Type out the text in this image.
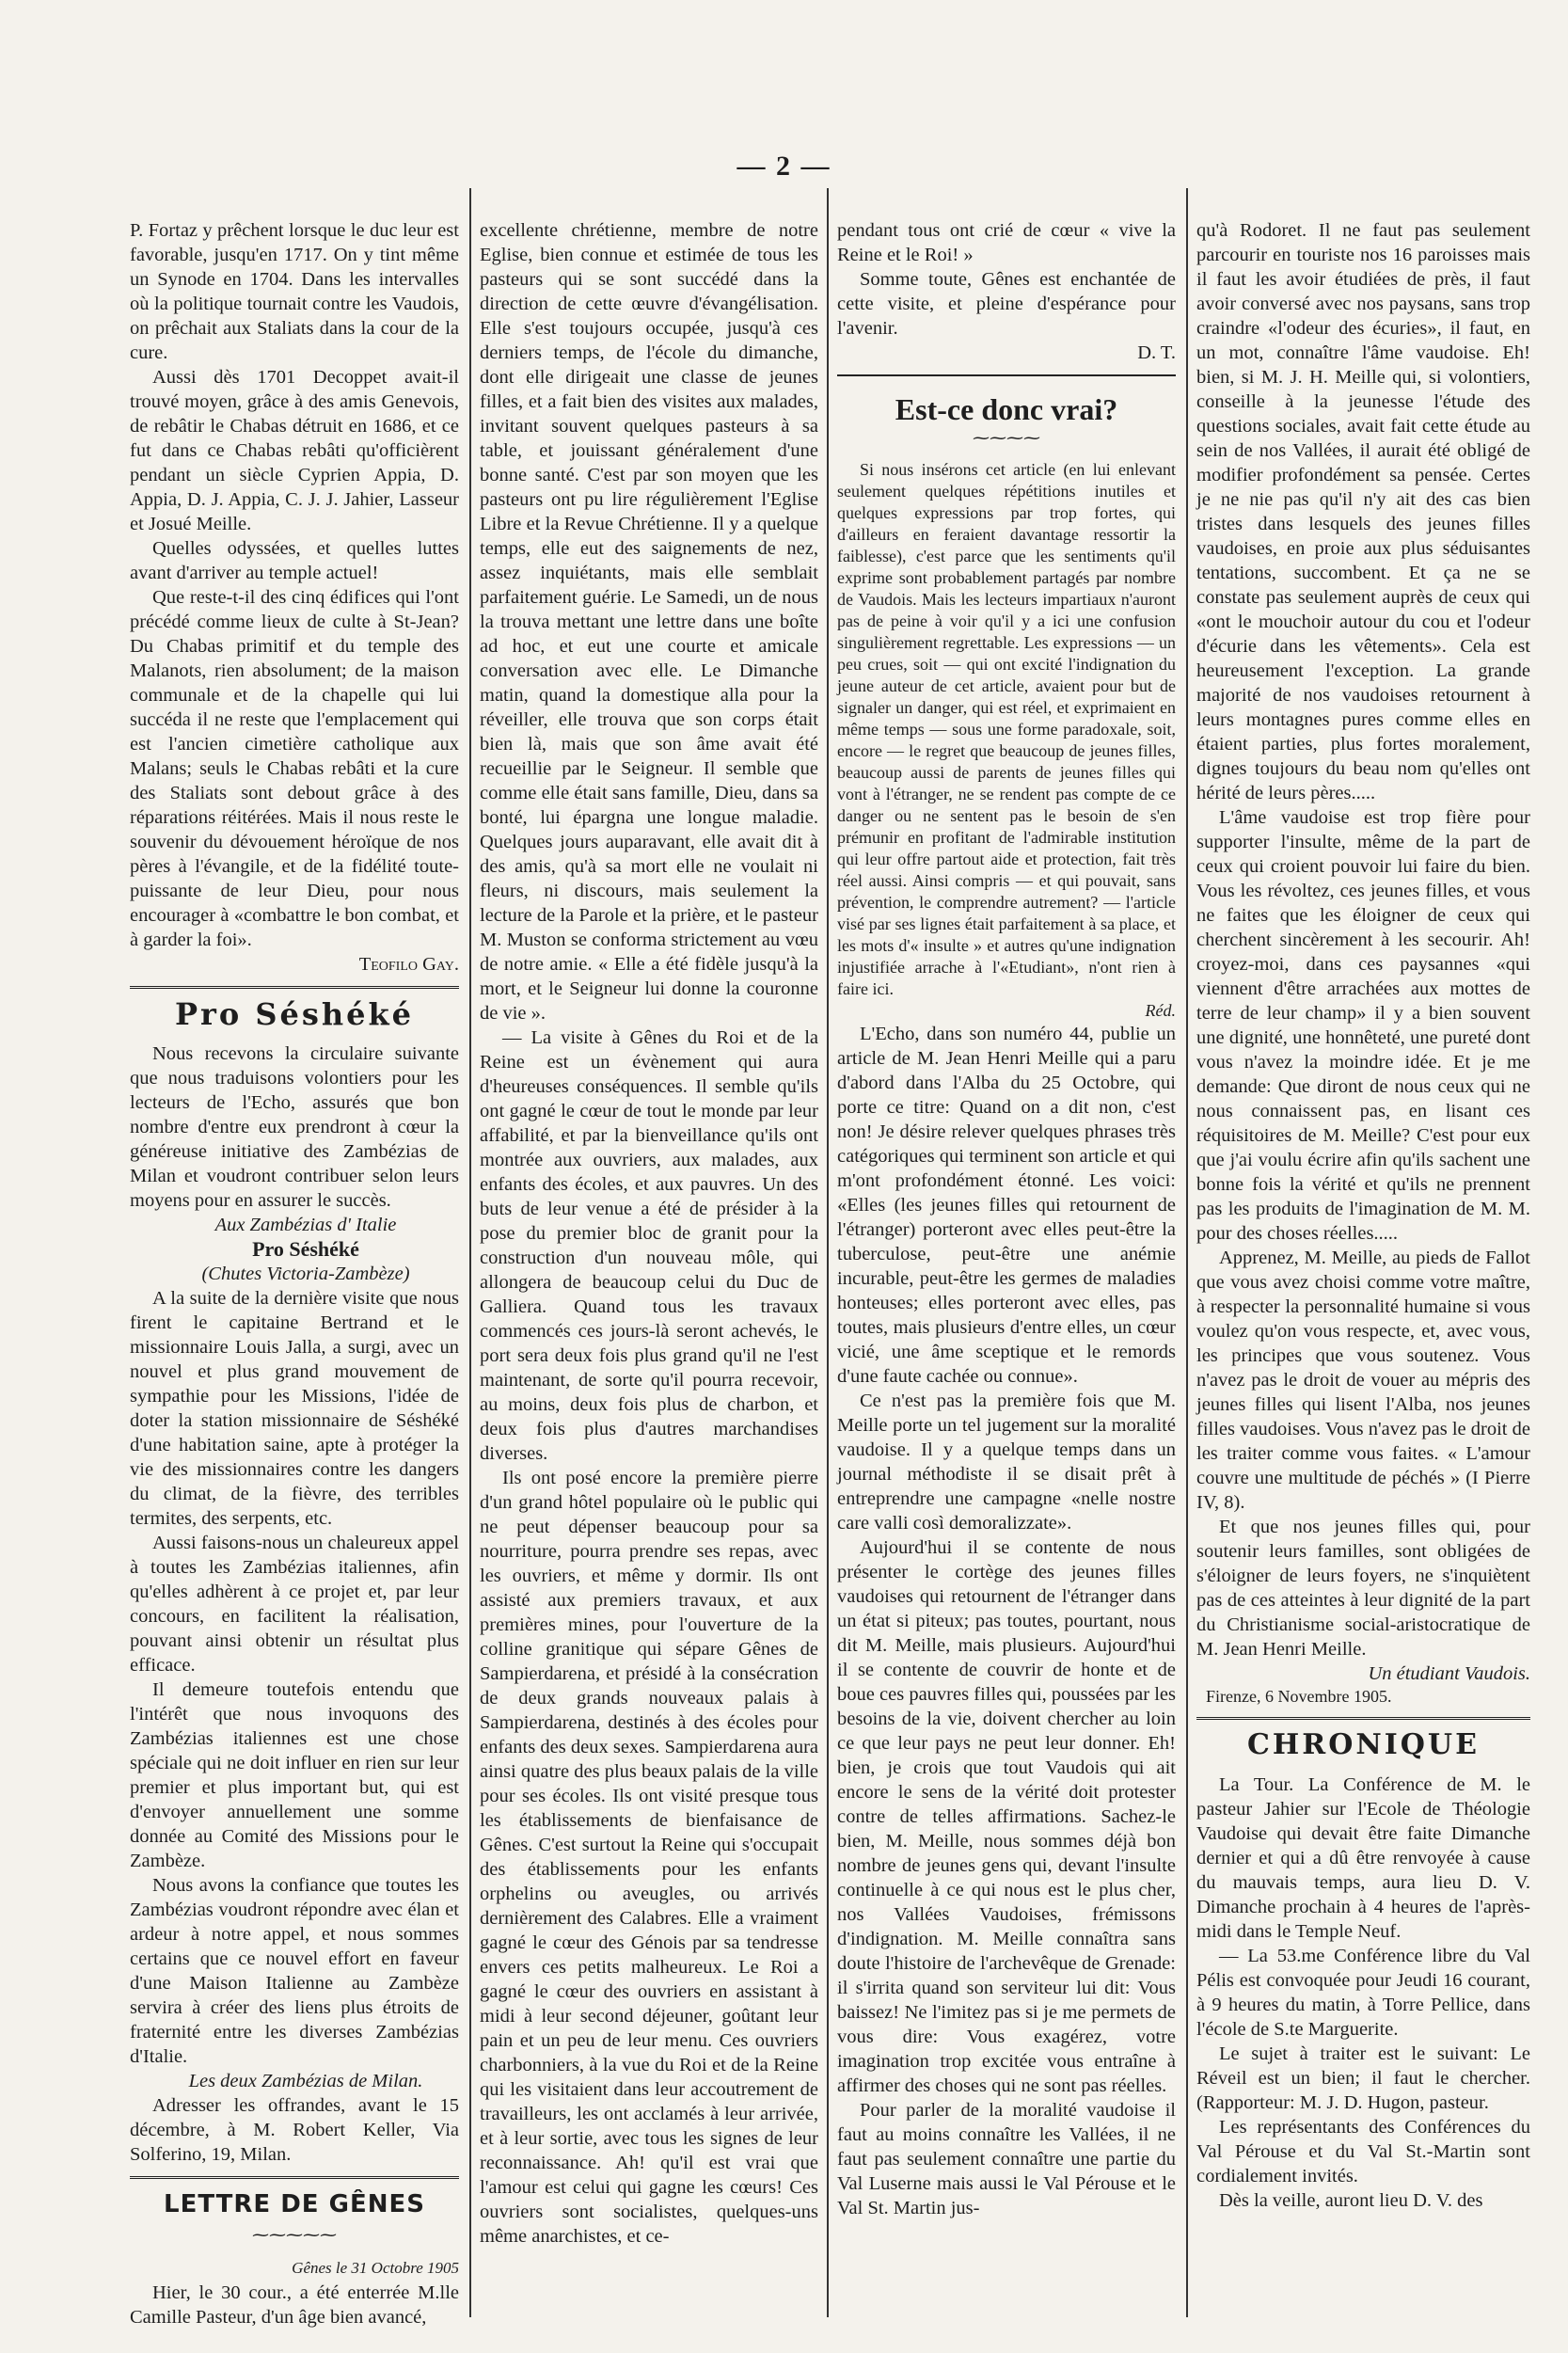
— 2 —

P. Fortaz y prêchent lorsque le duc leur est favorable, jusqu'en 1717. On y tint même un Synode en 1704. Dans les intervalles où la politique tournait contre les Vaudois, on prêchait aux Staliats dans la cour de la cure.

Aussi dès 1701 Decoppet avait-il trouvé moyen, grâce à des amis Genevois, de rebâtir le Chabas détruit en 1686, et ce fut dans ce Chabas rebâti qu'officièrent pendant un siècle Cyprien Appia, D. Appia, D. J. Appia, C. J. J. Jahier, Lasseur et Josué Meille.

Quelles odyssées, et quelles luttes avant d'arriver au temple actuel!

Que reste-t-il des cinq édifices qui l'ont précédé comme lieux de culte à St-Jean? Du Chabas primitif et du temple des Malanots, rien absolument; de la maison communale et de la chapelle qui lui succéda il ne reste que l'emplacement qui est l'ancien cimetière catholique aux Malans; seuls le Chabas rebâti et la cure des Staliats sont debout grâce à des réparations réitérées. Mais il nous reste le souvenir du dévouement héroïque de nos pères à l'évangile, et de la fidélité toute-puissante de leur Dieu, pour nous encourager à «combattre le bon combat, et à garder la foi».

Teofilo Gay.

Pro Séshéké

Nous recevons la circulaire suivante que nous traduisons volontiers pour les lecteurs de l'Echo, assurés que bon nombre d'entre eux prendront à cœur la généreuse initiative des Zambézias de Milan et voudront contribuer selon leurs moyens pour en assurer le succès.

Aux Zambézias d' Italie

Pro Séshéké

(Chutes Victoria-Zambèze)

A la suite de la dernière visite que nous firent le capitaine Bertrand et le missionnaire Louis Jalla, a surgi, avec un nouvel et plus grand mouvement de sympathie pour les Missions, l'idée de doter la station missionnaire de Séshéké d'une habitation saine, apte à protéger la vie des missionnaires contre les dangers du climat, de la fièvre, des terribles termites, des serpents, etc.

Aussi faisons-nous un chaleureux appel à toutes les Zambézias italiennes, afin qu'elles adhèrent à ce projet et, par leur concours, en facilitent la réalisation, pouvant ainsi obtenir un résultat plus efficace.

Il demeure toutefois entendu que l'intérêt que nous invoquons des Zambézias italiennes est une chose spéciale qui ne doit influer en rien sur leur premier et plus important but, qui est d'envoyer annuellement une somme donnée au Comité des Missions pour le Zambèze.

Nous avons la confiance que toutes les Zambézias voudront répondre avec élan et ardeur à notre appel, et nous sommes certains que ce nouvel effort en faveur d'une Maison Italienne au Zambèze servira à créer des liens plus étroits de fraternité entre les diverses Zambézias d'Italie.

Les deux Zambézias de Milan.

Adresser les offrandes, avant le 15 décembre, à M. Robert Keller, Via Solferino, 19, Milan.

LETTRE DE GÊNES
⁓⁓⁓⁓⁓

Gênes le 31 Octobre 1905

Hier, le 30 cour., a été enterrée M.lle Camille Pasteur, d'un âge bien avancé,

excellente chrétienne, membre de notre Eglise, bien connue et estimée de tous les pasteurs qui se sont succédé dans la direction de cette œuvre d'évangélisation. Elle s'est toujours occupée, jusqu'à ces derniers temps, de l'école du dimanche, dont elle dirigeait une classe de jeunes filles, et a fait bien des visites aux malades, invitant souvent quelques pasteurs à sa table, et jouissant généralement d'une bonne santé. C'est par son moyen que les pasteurs ont pu lire régulièrement l'Eglise Libre et la Revue Chrétienne. Il y a quelque temps, elle eut des saignements de nez, assez inquiétants, mais elle semblait parfaitement guérie. Le Samedi, un de nous la trouva mettant une lettre dans une boîte ad hoc, et eut une courte et amicale conversation avec elle. Le Dimanche matin, quand la domestique alla pour la réveiller, elle trouva que son corps était bien là, mais que son âme avait été recueillie par le Seigneur. Il semble que comme elle était sans famille, Dieu, dans sa bonté, lui épargna une longue maladie. Quelques jours auparavant, elle avait dit à des amis, qu'à sa mort elle ne voulait ni fleurs, ni discours, mais seulement la lecture de la Parole et la prière, et le pasteur M. Muston se conforma strictement au vœu de notre amie. « Elle a été fidèle jusqu'à la mort, et le Seigneur lui donne la couronne de vie ».

— La visite à Gênes du Roi et de la Reine est un évènement qui aura d'heureuses conséquences. Il semble qu'ils ont gagné le cœur de tout le monde par leur affabilité, et par la bienveillance qu'ils ont montrée aux ouvriers, aux malades, aux enfants des écoles, et aux pauvres. Un des buts de leur venue a été de présider à la pose du premier bloc de granit pour la construction d'un nouveau môle, qui allongera de beaucoup celui du Duc de Galliera. Quand tous les travaux commencés ces jours-là seront achevés, le port sera deux fois plus grand qu'il ne l'est maintenant, de sorte qu'il pourra recevoir, au moins, deux fois plus de charbon, et deux fois plus d'autres marchandises diverses.

Ils ont posé encore la première pierre d'un grand hôtel populaire où le public qui ne peut dépenser beaucoup pour sa nourriture, pourra prendre ses repas, avec les ouvriers, et même y dormir. Ils ont assisté aux premiers travaux, et aux premières mines, pour l'ouverture de la colline granitique qui sépare Gênes de Sampierdarena, et présidé à la consécration de deux grands nouveaux palais à Sampierdarena, destinés à des écoles pour enfants des deux sexes. Sampierdarena aura ainsi quatre des plus beaux palais de la ville pour ses écoles. Ils ont visité presque tous les établissements de bienfaisance de Gênes. C'est surtout la Reine qui s'occupait des établissements pour les enfants orphelins ou aveugles, ou arrivés dernièrement des Calabres. Elle a vraiment gagné le cœur des Génois par sa tendresse envers ces petits malheureux. Le Roi a gagné le cœur des ouvriers en assistant à midi à leur second déjeuner, goûtant leur pain et un peu de leur menu. Ces ouvriers charbonniers, à la vue du Roi et de la Reine qui les visitaient dans leur accoutrement de travailleurs, les ont acclamés à leur arrivée, et à leur sortie, avec tous les signes de leur reconnaissance. Ah! qu'il est vrai que l'amour est celui qui gagne les cœurs! Ces ouvriers sont socialistes, quelques-uns même anarchistes, et ce-

pendant tous ont crié de cœur « vive la Reine et le Roi! »

Somme toute, Gênes est enchantée de cette visite, et pleine d'espérance pour l'avenir.

D. T.

Est-ce donc vrai?
⁓⁓⁓⁓

Si nous insérons cet article (en lui enlevant seulement quelques répétitions inutiles et quelques expressions par trop fortes, qui d'ailleurs en feraient davantage ressortir la faiblesse), c'est parce que les sentiments qu'il exprime sont probablement partagés par nombre de Vaudois. Mais les lecteurs impartiaux n'auront pas de peine à voir qu'il y a ici une confusion singulièrement regrettable. Les expressions — un peu crues, soit — qui ont excité l'indignation du jeune auteur de cet article, avaient pour but de signaler un danger, qui est réel, et exprimaient en même temps — sous une forme paradoxale, soit, encore — le regret que beaucoup de jeunes filles, beaucoup aussi de parents de jeunes filles qui vont à l'étranger, ne se rendent pas compte de ce danger ou ne sentent pas le besoin de s'en prémunir en profitant de l'admirable institution qui leur offre partout aide et protection, fait très réel aussi. Ainsi compris — et qui pouvait, sans prévention, le comprendre autrement? — l'article visé par ses lignes était parfaitement à sa place, et les mots d'« insulte » et autres qu'une indignation injustifiée arrache à l'«Etudiant», n'ont rien à faire ici.

Réd.

L'Echo, dans son numéro 44, publie un article de M. Jean Henri Meille qui a paru d'abord dans l'Alba du 25 Octobre, qui porte ce titre: Quand on a dit non, c'est non! Je désire relever quelques phrases très catégoriques qui terminent son article et qui m'ont profondément étonné. Les voici: «Elles (les jeunes filles qui retournent de l'étranger) porteront avec elles peut-être la tuberculose, peut-être une anémie incurable, peut-être les germes de maladies honteuses; elles porteront avec elles, pas toutes, mais plusieurs d'entre elles, un cœur vicié, une âme sceptique et le remords d'une faute cachée ou connue».

Ce n'est pas la première fois que M. Meille porte un tel jugement sur la moralité vaudoise. Il y a quelque temps dans un journal méthodiste il se disait prêt à entreprendre une campagne «nelle nostre care valli così demoralizzate».

Aujourd'hui il se contente de nous présenter le cortège des jeunes filles vaudoises qui retournent de l'étranger dans un état si piteux; pas toutes, pourtant, nous dit M. Meille, mais plusieurs. Aujourd'hui il se contente de couvrir de honte et de boue ces pauvres filles qui, poussées par les besoins de la vie, doivent chercher au loin ce que leur pays ne peut leur donner. Eh! bien, je crois que tout Vaudois qui ait encore le sens de la vérité doit protester contre de telles affirmations. Sachez-le bien, M. Meille, nous sommes déjà bon nombre de jeunes gens qui, devant l'insulte continuelle à ce qui nous est le plus cher, nos Vallées Vaudoises, frémissons d'indignation. M. Meille connaîtra sans doute l'histoire de l'archevêque de Grenade: il s'irrita quand son serviteur lui dit: Vous baissez! Ne l'imitez pas si je me permets de vous dire: Vous exagérez, votre imagination trop excitée vous entraîne à affirmer des choses qui ne sont pas réelles.

Pour parler de la moralité vaudoise il faut au moins connaître les Vallées, il ne faut pas seulement connaître une partie du Val Luserne mais aussi le Val Pérouse et le Val St. Martin jus-

qu'à Rodoret. Il ne faut pas seulement parcourir en touriste nos 16 paroisses mais il faut les avoir étudiées de près, il faut avoir conversé avec nos paysans, sans trop craindre «l'odeur des écuries», il faut, en un mot, connaître l'âme vaudoise. Eh! bien, si M. J. H. Meille qui, si volontiers, conseille à la jeunesse l'étude des questions sociales, avait fait cette étude au sein de nos Vallées, il aurait été obligé de modifier profondément sa pensée. Certes je ne nie pas qu'il n'y ait des cas bien tristes dans lesquels des jeunes filles vaudoises, en proie aux plus séduisantes tentations, succombent. Et ça ne se constate pas seulement auprès de ceux qui «ont le mouchoir autour du cou et l'odeur d'écurie dans les vêtements». Cela est heureusement l'exception. La grande majorité de nos vaudoises retournent à leurs montagnes pures comme elles en étaient parties, plus fortes moralement, dignes toujours du beau nom qu'elles ont hérité de leurs pères.....

L'âme vaudoise est trop fière pour supporter l'insulte, même de la part de ceux qui croient pouvoir lui faire du bien. Vous les révoltez, ces jeunes filles, et vous ne faites que les éloigner de ceux qui cherchent sincèrement à les secourir. Ah! croyez-moi, dans ces paysannes «qui viennent d'être arrachées aux mottes de terre de leur champ» il y a bien souvent une dignité, une honnêteté, une pureté dont vous n'avez la moindre idée. Et je me demande: Que diront de nous ceux qui ne nous connaissent pas, en lisant ces réquisitoires de M. Meille? C'est pour eux que j'ai voulu écrire afin qu'ils sachent une bonne fois la vérité et qu'ils ne prennent pas les produits de l'imagination de M. M. pour des choses réelles.....

Apprenez, M. Meille, au pieds de Fallot que vous avez choisi comme votre maître, à respecter la personnalité humaine si vous voulez qu'on vous respecte, et, avec vous, les principes que vous soutenez. Vous n'avez pas le droit de vouer au mépris des jeunes filles qui lisent l'Alba, nos jeunes filles vaudoises. Vous n'avez pas le droit de les traiter comme vous faites. « L'amour couvre une multitude de péchés » (I Pierre IV, 8).

Et que nos jeunes filles qui, pour soutenir leurs familles, sont obligées de s'éloigner de leurs foyers, ne s'inquiètent pas de ces atteintes à leur dignité de la part du Christianisme social-aristocratique de M. Jean Henri Meille.

Un étudiant Vaudois.

Firenze, 6 Novembre 1905.

CHRONIQUE

La Tour. La Conférence de M. le pasteur Jahier sur l'Ecole de Théologie Vaudoise qui devait être faite Dimanche dernier et qui a dû être renvoyée à cause du mauvais temps, aura lieu D. V. Dimanche prochain à 4 heures de l'après-midi dans le Temple Neuf.

— La 53.me Conférence libre du Val Pélis est convoquée pour Jeudi 16 courant, à 9 heures du matin, à Torre Pellice, dans l'école de S.te Marguerite.

Le sujet à traiter est le suivant: Le Réveil est un bien; il faut le chercher. (Rapporteur: M. J. D. Hugon, pasteur.

Les représentants des Conférences du Val Pérouse et du Val St.-Martin sont cordialement invités.

Dès la veille, auront lieu D. V. des
